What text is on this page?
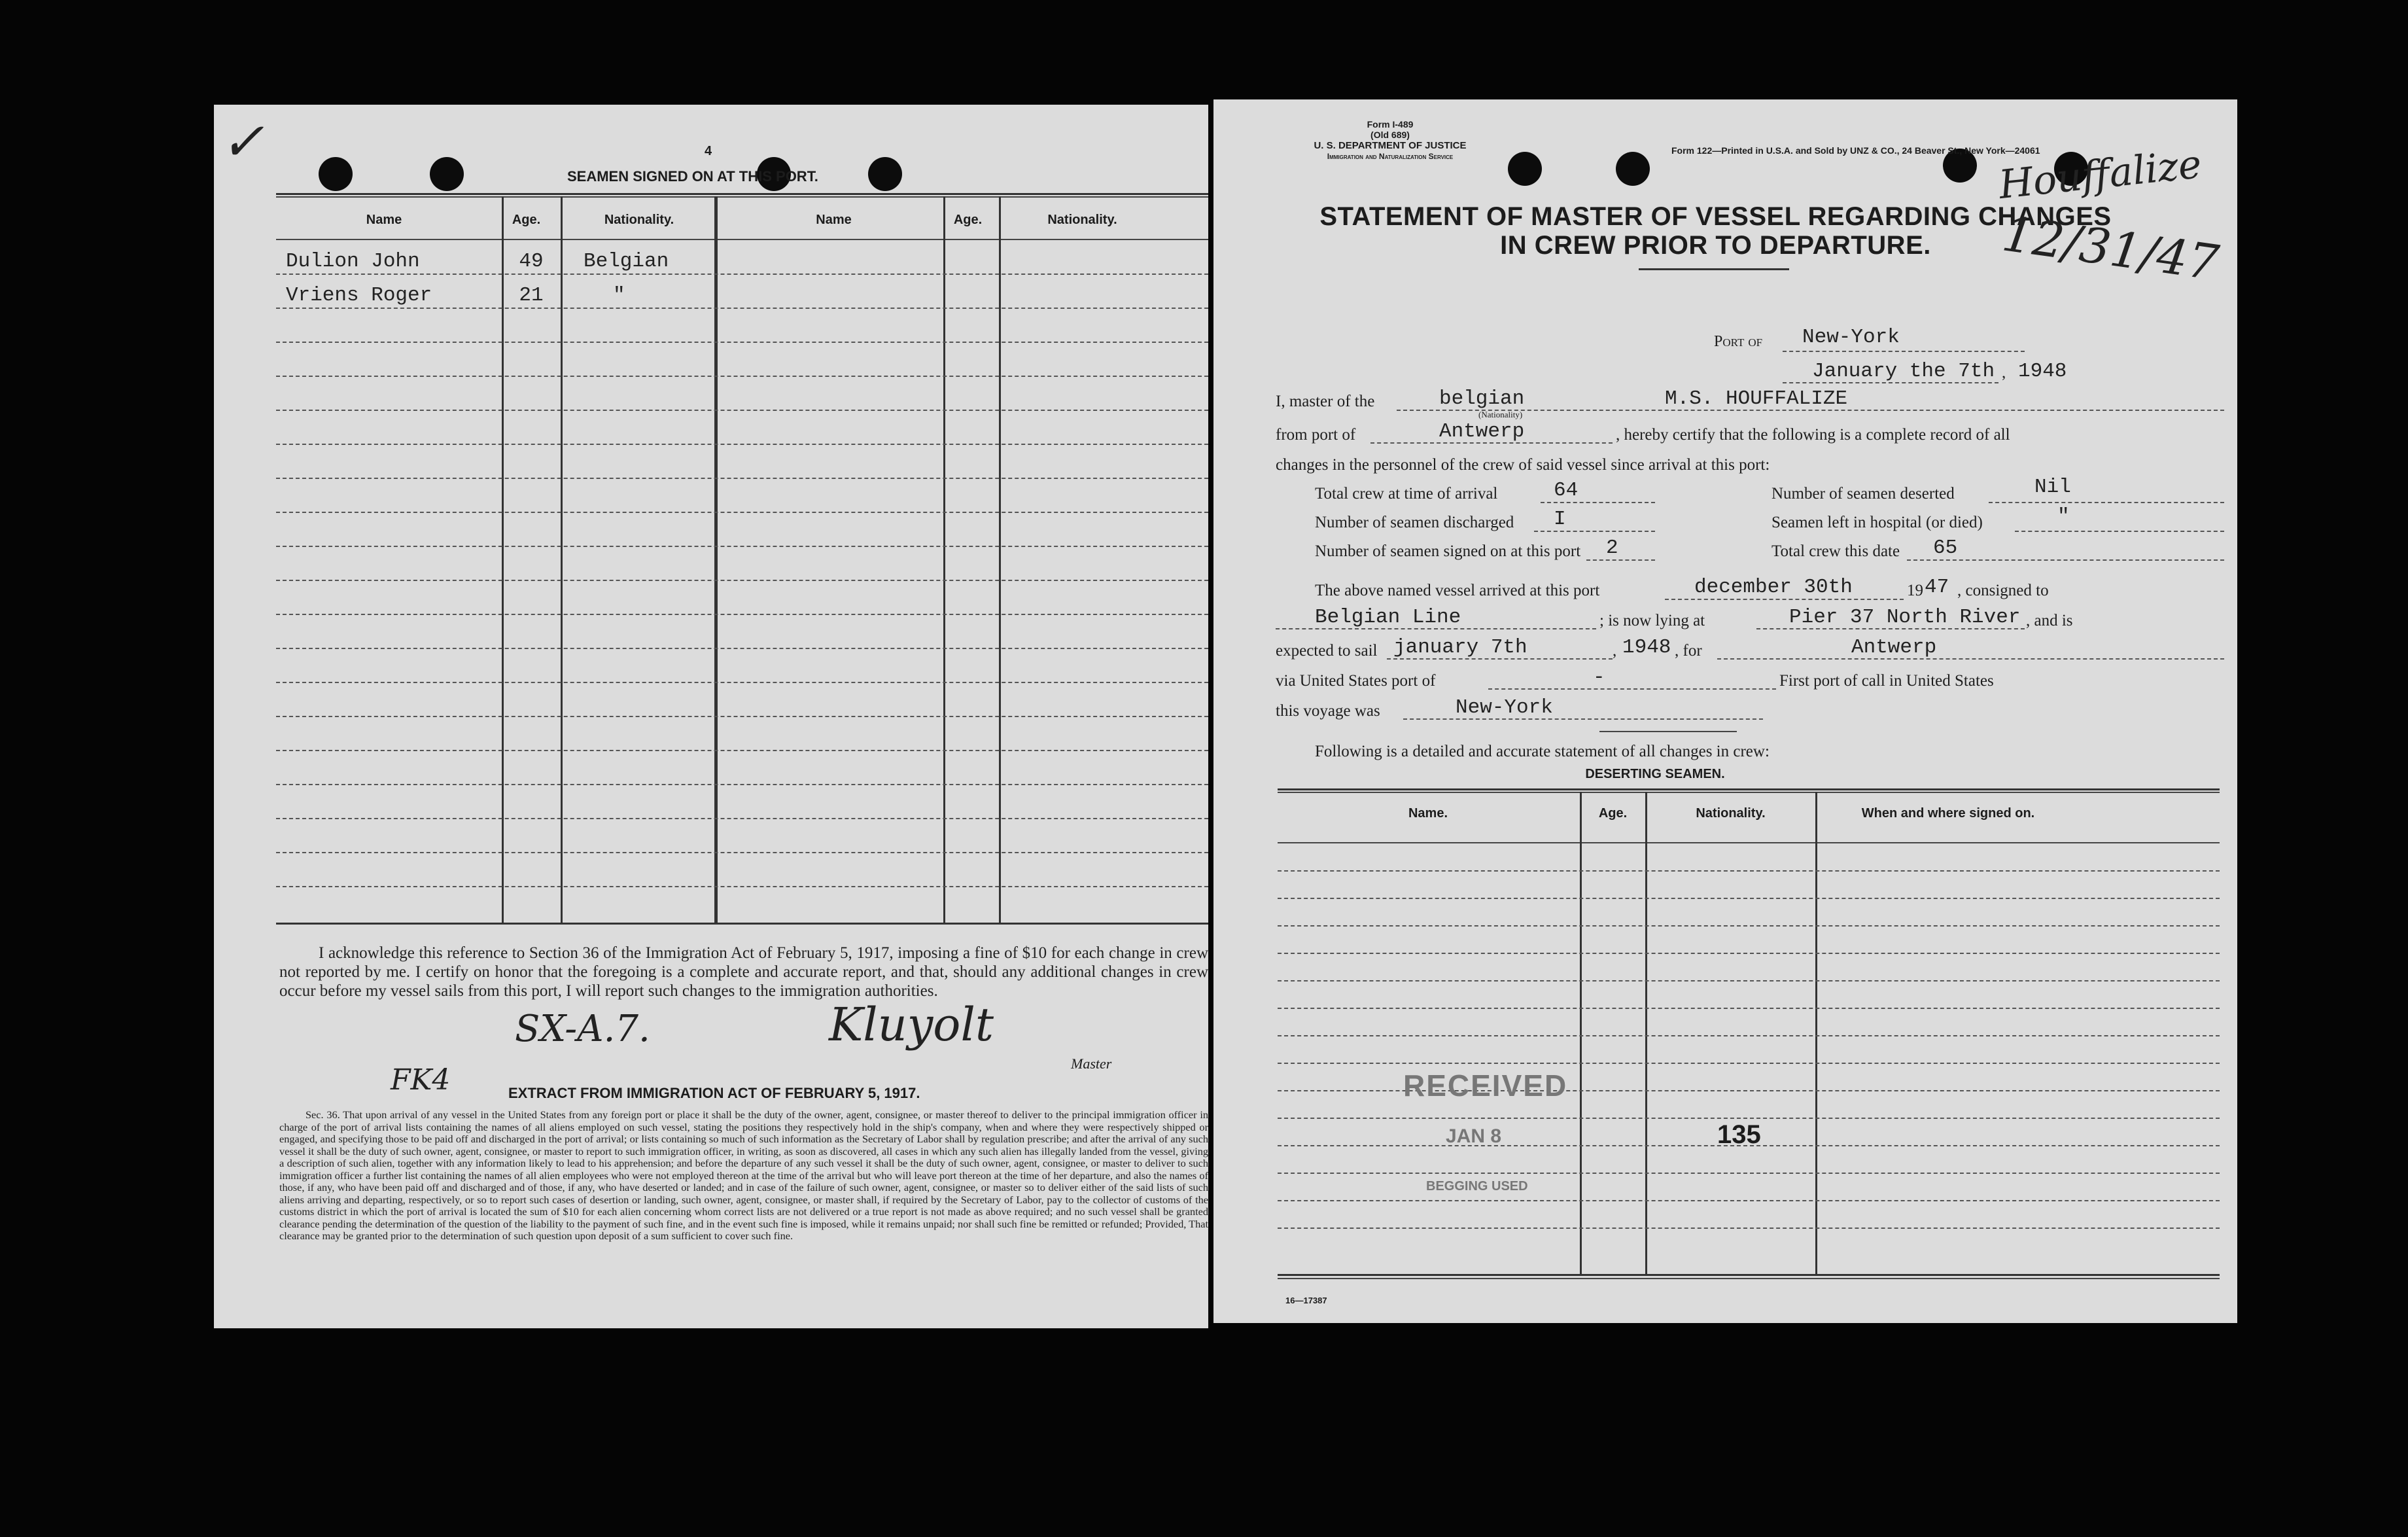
✓	4
SEAMEN SIGNED ON AT THIS PORT.
Name	Age.	Nationality.	Name	Age.	Nationality.
Dulion John	49	Belgian
Vriens Roger	21	"
I acknowledge this reference to Section 36 of the Immigration Act of February 5, 1917, imposing a fine of $10 for each change in crew not reported by me. I certify on honor that the foregoing is a complete and accurate report, and that, should any additional changes in crew occur before my vessel sails from this port, I will report such changes to the immigration authorities.
SX-A.7.	Kluyolt
Master
FK4	EXTRACT FROM IMMIGRATION ACT OF FEBRUARY 5, 1917.
Sec. 36. That upon arrival of any vessel in the United States from any foreign port or place it shall be the duty of the owner, agent, consignee, or master thereof to deliver to the principal immigration officer in charge of the port of arrival lists containing the names of all aliens employed on such vessel, stating the positions they respectively hold in the ship's company, when and where they were respectively shipped or engaged, and specifying those to be paid off and discharged in the port of arrival; or lists containing so much of such information as the Secretary of Labor shall by regulation prescribe; and after the arrival of any such vessel it shall be the duty of such owner, agent, consignee, or master to report to such immigration officer, in writing, as soon as discovered, all cases in which any such alien has illegally landed from the vessel, giving a description of such alien, together with any information likely to lead to his apprehension; and before the departure of any such vessel it shall be the duty of such owner, agent, consignee, or master to deliver to such immigration officer a further list containing the names of all alien employees who were not employed thereon at the time of the arrival but who will leave port thereon at the time of her departure, and also the names of those, if any, who have been paid off and discharged and of those, if any, who have deserted or landed; and in case of the failure of such owner, agent, consignee, or master so to deliver either of the said lists of such aliens arriving and departing, respectively, or so to report such cases of desertion or landing, such owner, agent, consignee, or master shall, if required by the Secretary of Labor, pay to the collector of customs of the customs district in which the port of arrival is located the sum of $10 for each alien concerning whom correct lists are not delivered or a true report is not made as above required; and no such vessel shall be granted clearance pending the determination of the question of the liability to the payment of such fine, and in the event such fine is imposed, while it remains unpaid; nor shall such fine be remitted or refunded; Provided, That clearance may be granted prior to the determination of such question upon deposit of a sum sufficient to cover such fine.
Form I-489
(Old 689)
U. S. DEPARTMENT OF JUSTICE
Immigration and Naturalization Service
Form 122—Printed in U.S.A. and Sold by UNZ & CO., 24 Beaver St., New York—24061
STATEMENT OF MASTER OF VESSEL REGARDING CHANGES
IN CREW PRIOR TO DEPARTURE.
Houffalize
12/31/47
Port of New-York
January the 7th , 1948
I, master of the	belgian
(Nationality)
M.S. HOUFFALIZE
from port of	Antwerp	, hereby certify that the following is a complete record of all
changes in the personnel of the crew of said vessel since arrival at this port:
Total crew at time of arrival	64	Number of seamen deserted	Nil
Number of seamen discharged I	Seamen left in hospital (or died)	"
Number of seamen signed on at this port 2	Total crew this date 65
The above named vessel arrived at this port	december 30th	19 47 , consigned to
Belgian Line	; is now lying at	Pier 37 North River , and is
expected to sail january 7th	, 1948 , for	Antwerp
via United States port of	-	First port of call in United States
this voyage was	New-York
Following is a detailed and accurate statement of all changes in crew:
DESERTING SEAMEN.
Name.	Age.	Nationality.	When and where signed on.
RECEIVED
JAN 8
BEGGING USED
135
16—17387
